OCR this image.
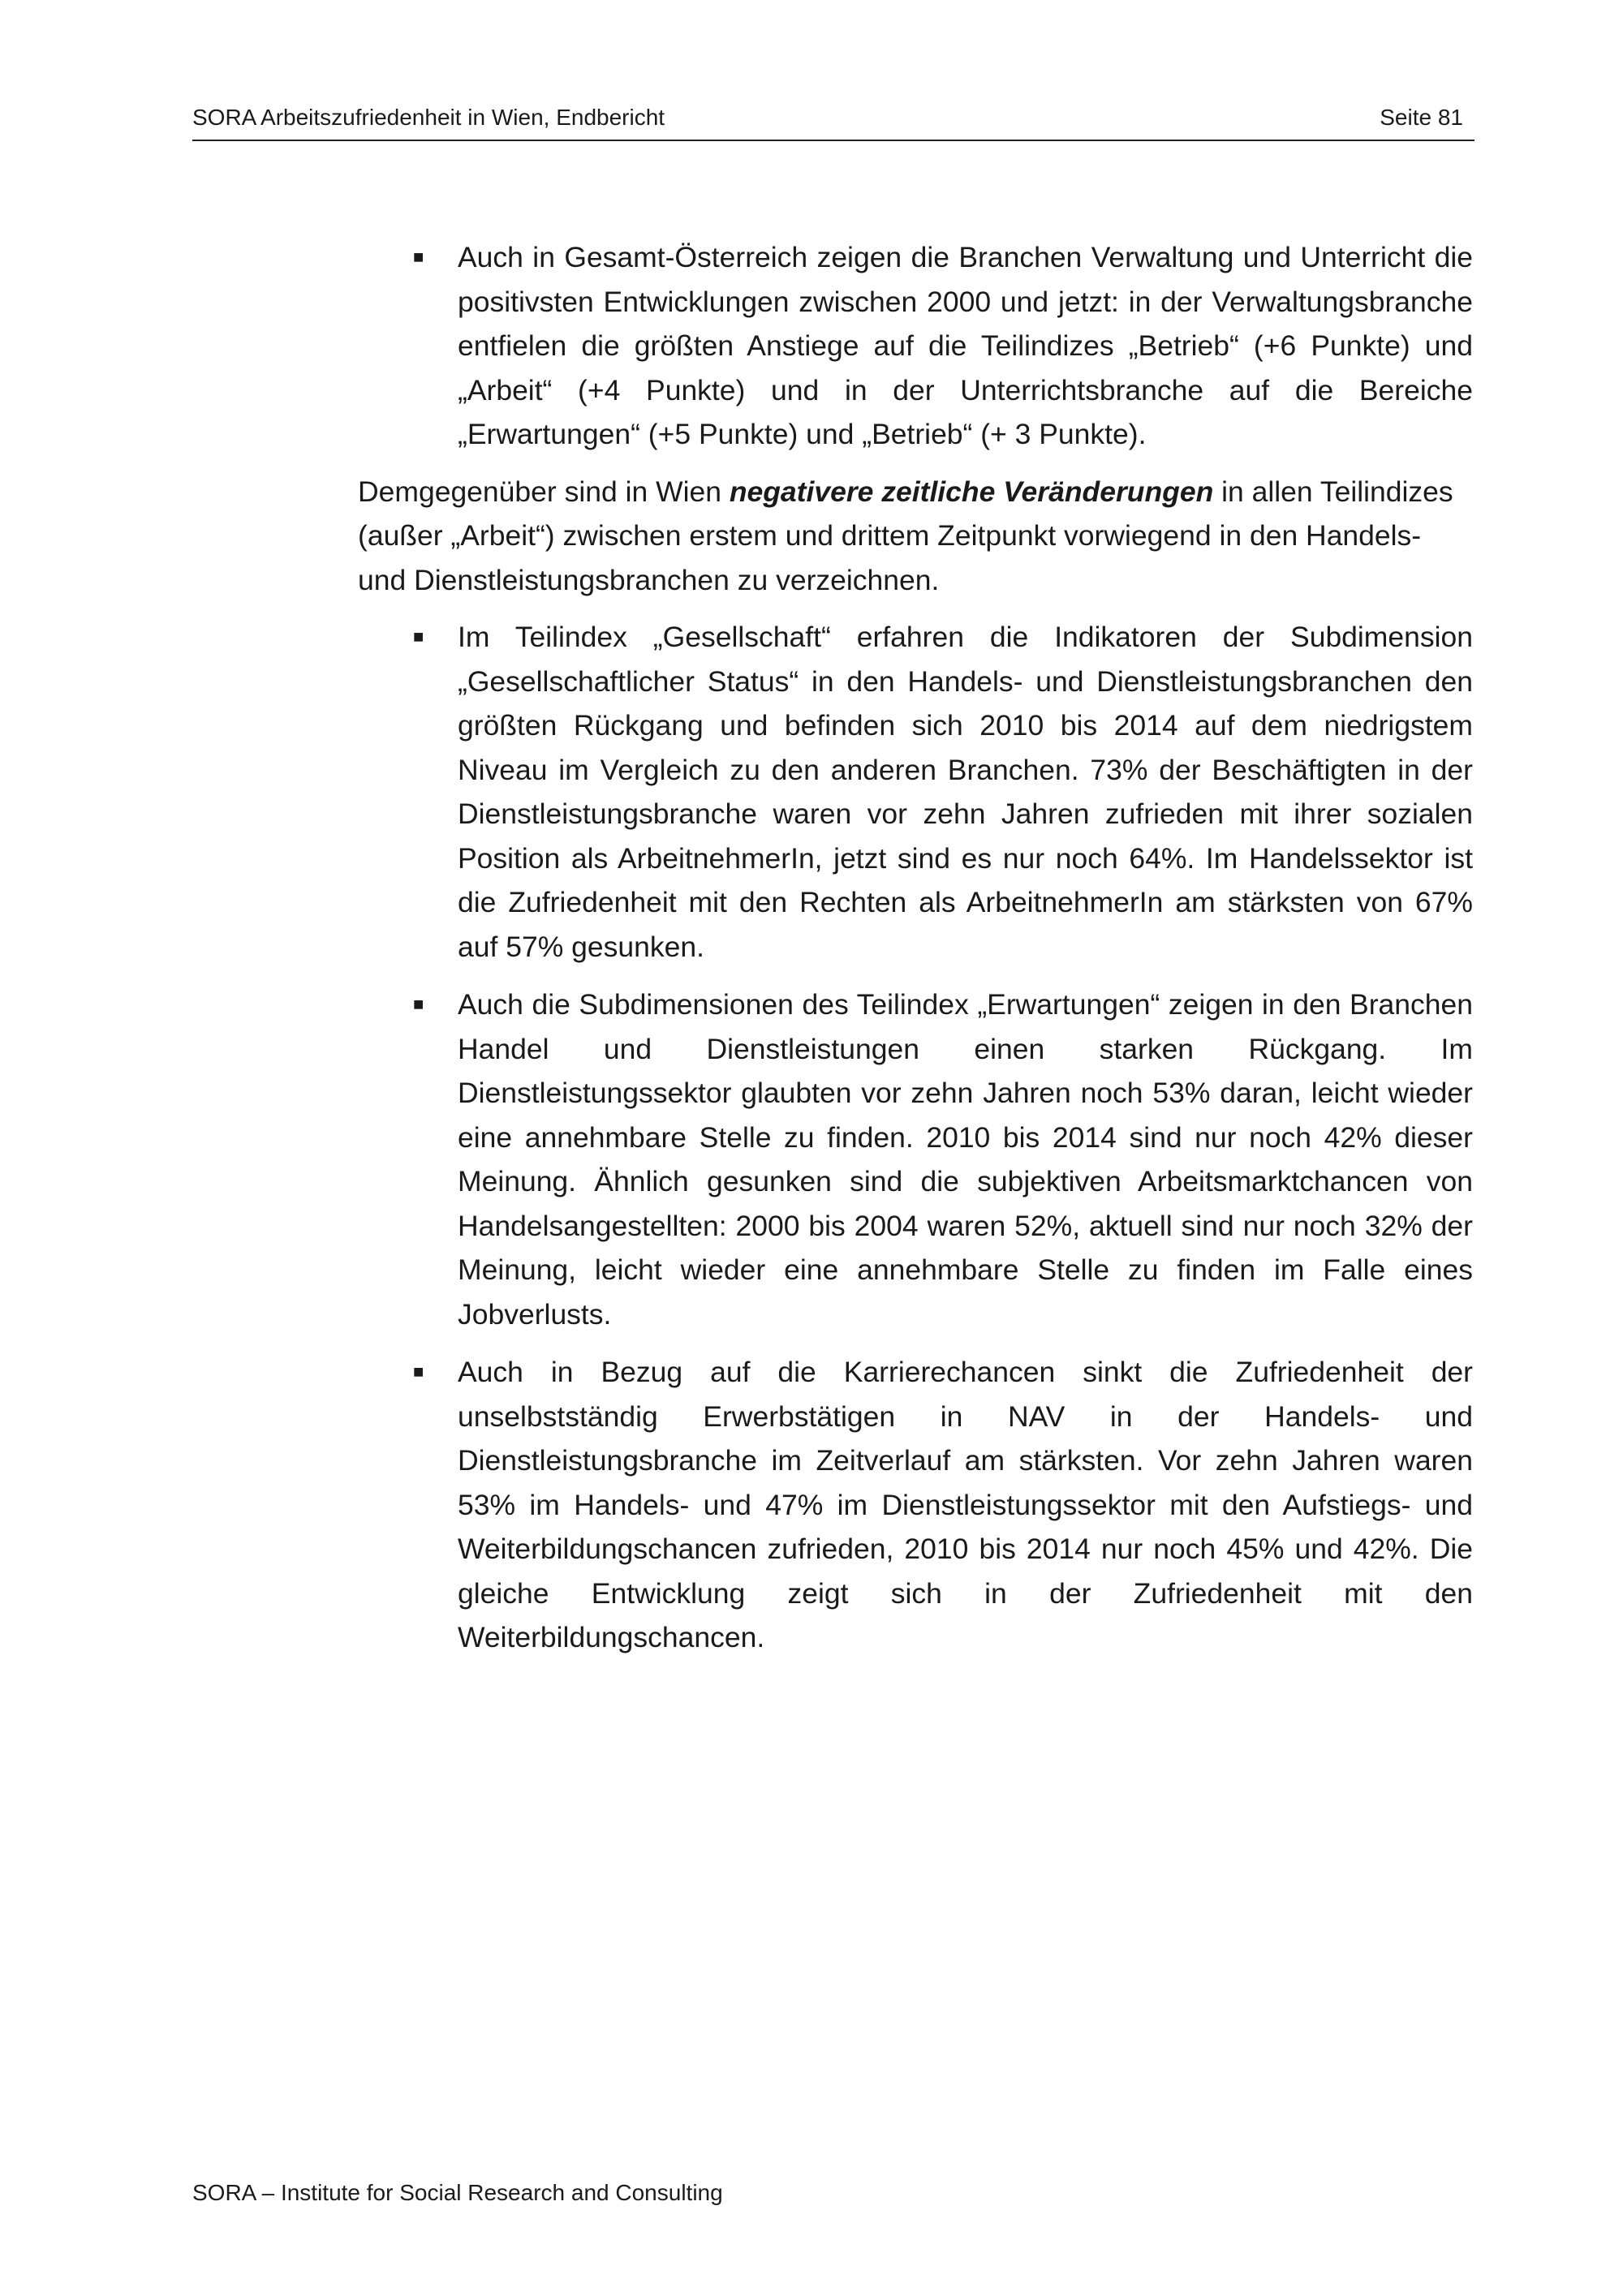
SORA Arbeitszufriedenheit in Wien, Endbericht	Seite 81
■ Auch in Gesamt-Österreich zeigen die Branchen Verwaltung und Unterricht die positivsten Entwicklungen zwischen 2000 und jetzt: in der Verwaltungsbranche entfielen die größten Anstiege auf die Teilindizes „Betrieb“ (+6 Punkte) und „Arbeit“ (+4 Punkte) und in der Unterrichtsbranche auf die Bereiche „Erwartungen“ (+5 Punkte) und „Betrieb“ (+ 3 Punkte).
Demgegenüber sind in Wien negativere zeitliche Veränderungen in allen Teilindizes (außer „Arbeit“) zwischen erstem und drittem Zeitpunkt vorwiegend in den Handels- und Dienstleistungsbranchen zu verzeichnen.
■ Im Teilindex „Gesellschaft“ erfahren die Indikatoren der Subdimension „Gesellschaftlicher Status“ in den Handels- und Dienstleistungsbranchen den größten Rückgang und befinden sich 2010 bis 2014 auf dem niedrigstem Niveau im Vergleich zu den anderen Branchen. 73% der Beschäftigten in der Dienstleistungsbranche waren vor zehn Jahren zufrieden mit ihrer sozialen Position als ArbeitnehmerIn, jetzt sind es nur noch 64%. Im Handelssektor ist die Zufriedenheit mit den Rechten als ArbeitnehmerIn am stärksten von 67% auf 57% gesunken.
■ Auch die Subdimensionen des Teilindex „Erwartungen“ zeigen in den Branchen Handel und Dienstleistungen einen starken Rückgang. Im Dienstleistungssektor glaubten vor zehn Jahren noch 53% daran, leicht wieder eine annehmbare Stelle zu finden. 2010 bis 2014 sind nur noch 42% dieser Meinung. Ähnlich gesunken sind die subjektiven Arbeitsmarktchancen von Handelsangestellten: 2000 bis 2004 waren 52%, aktuell sind nur noch 32% der Meinung, leicht wieder eine annehmbare Stelle zu finden im Falle eines Jobverlusts.
■ Auch in Bezug auf die Karrierechancen sinkt die Zufriedenheit der unselbstständig Erwerbstätigen in NAV in der Handels- und Dienstleistungsbranche im Zeitverlauf am stärksten. Vor zehn Jahren waren 53% im Handels- und 47% im Dienstleistungssektor mit den Aufstiegs- und Weiterbildungschancen zufrieden, 2010 bis 2014 nur noch 45% und 42%. Die gleiche Entwicklung zeigt sich in der Zufriedenheit mit den Weiterbildungschancen.
SORA – Institute for Social Research and Consulting
